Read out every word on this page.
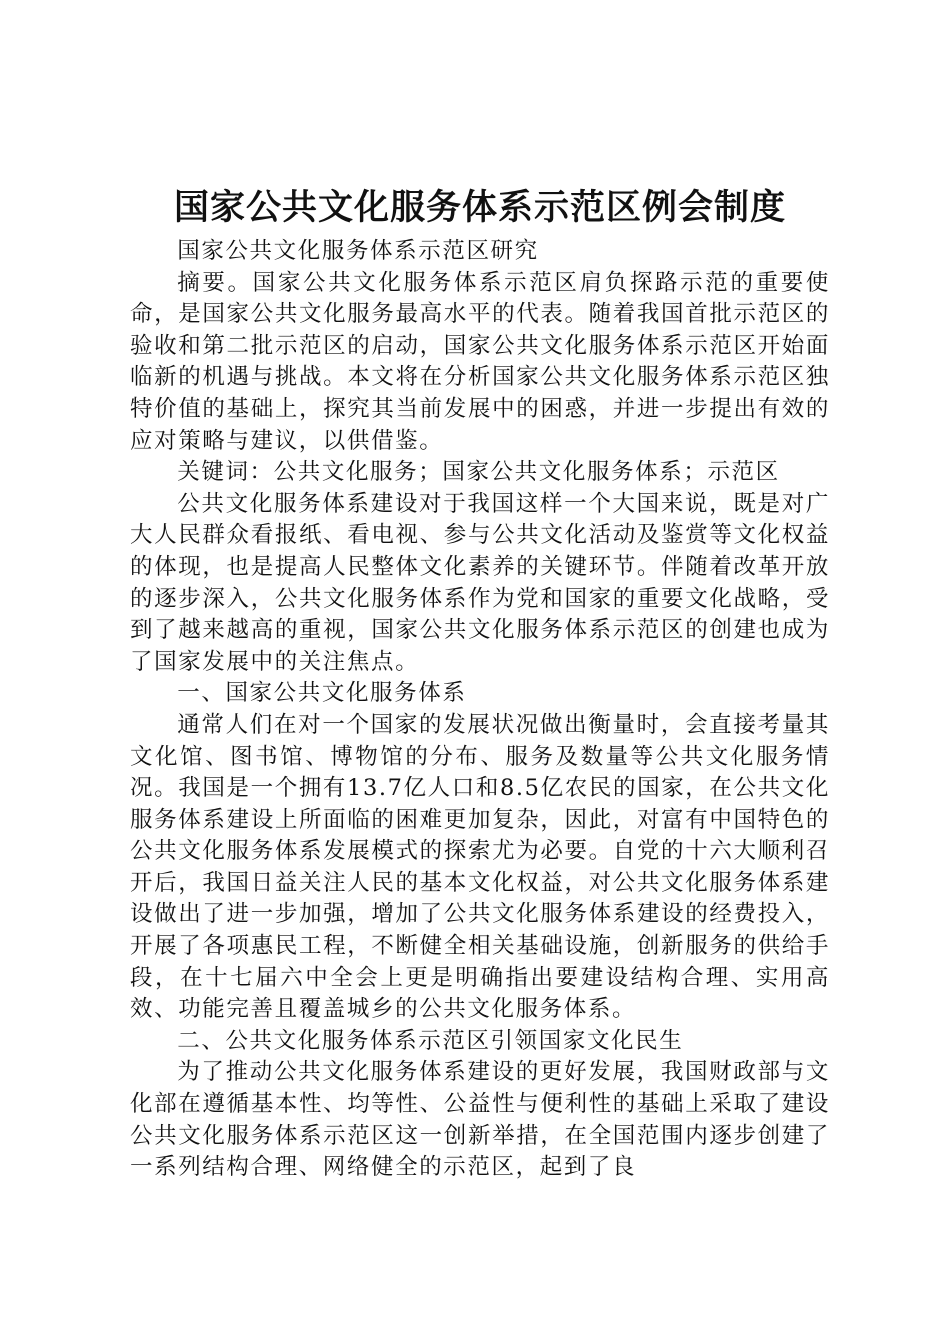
国家公共文化服务体系示范区例会制度

国家公共文化服务体系示范区研究

摘要。国家公共文化服务体系示范区肩负探路示范的重要使命，是国家公共文化服务最高水平的代表。随着我国首批示范区的验收和第二批示范区的启动，国家公共文化服务体系示范区开始面临新的机遇与挑战。本文将在分析国家公共文化服务体系示范区独特价值的基础上，探究其当前发展中的困惑，并进一步提出有效的应对策略与建议，以供借鉴。

关键词：公共文化服务；国家公共文化服务体系；示范区

公共文化服务体系建设对于我国这样一个大国来说，既是对广大人民群众看报纸、看电视、参与公共文化活动及鉴赏等文化权益的体现，也是提高人民整体文化素养的关键环节。伴随着改革开放的逐步深入，公共文化服务体系作为党和国家的重要文化战略，受到了越来越高的重视，国家公共文化服务体系示范区的创建也成为了国家发展中的关注焦点。

一、国家公共文化服务体系

通常人们在对一个国家的发展状况做出衡量时，会直接考量其文化馆、图书馆、博物馆的分布、服务及数量等公共文化服务情况。我国是一个拥有13.7亿人口和8.5亿农民的国家，在公共文化服务体系建设上所面临的困难更加复杂，因此，对富有中国特色的公共文化服务体系发展模式的探索尤为必要。自党的十六大顺利召开后，我国日益关注人民的基本文化权益，对公共文化服务体系建设做出了进一步加强，增加了公共文化服务体系建设的经费投入，开展了各项惠民工程，不断健全相关基础设施，创新服务的供给手段，在十七届六中全会上更是明确指出要建设结构合理、实用高效、功能完善且覆盖城乡的公共文化服务体系。

二、公共文化服务体系示范区引领国家文化民生

为了推动公共文化服务体系建设的更好发展，我国财政部与文化部在遵循基本性、均等性、公益性与便利性的基础上采取了建设公共文化服务体系示范区这一创新举措，在全国范围内逐步创建了一系列结构合理、网络健全的示范区，起到了良
